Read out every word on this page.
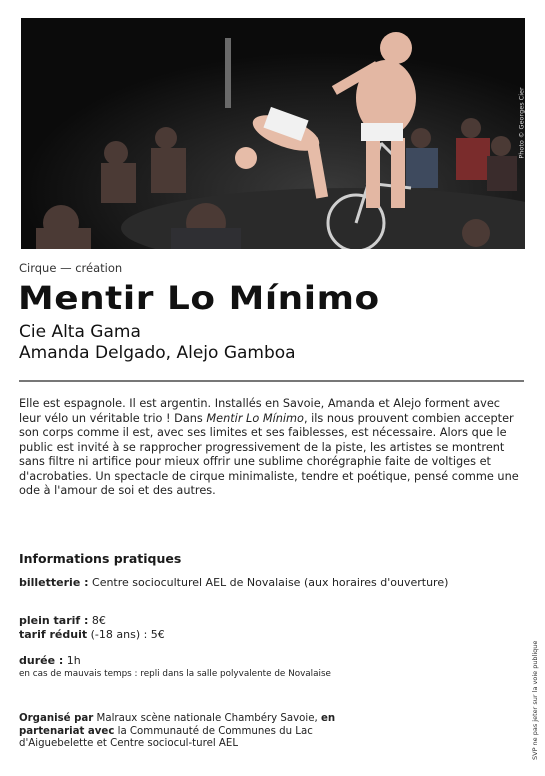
Photo © Georges Cier
Cirque — création
Mentir Lo Mínimo
Cie Alta Gama
Amanda Delgado, Alejo Gamboa

Elle est espagnole. Il est argentin. Installés en Savoie, Amanda et Alejo forment avec leur vélo un véritable trio ! Dans Mentir Lo Mínimo, ils nous prouvent combien accepter son corps comme il est, avec ses limites et ses faiblesses, est nécessaire. Alors que le public est invité à se rapprocher progressivement de la piste, les artistes se montrent sans filtre ni artifice pour mieux offrir une sublime chorégraphie faite de voltiges et d'acrobaties. Un spectacle de cirque minimaliste, tendre et poétique, pensé comme une ode à l'amour de soi et des autres.

Informations pratiques
billetterie : Centre socioculturel AEL de Novalaise (aux horaires d'ouverture)
plein tarif : 8€
tarif réduit (-18 ans) : 5€
durée : 1h
en cas de mauvais temps : repli dans la salle polyvalente de Novalaise
Organisé par Malraux scène nationale Chambéry Savoie, en partenariat avec la Communauté de Communes du Lac d'Aiguebelette et Centre sociocul-turel AEL	SVP ne pas jeter sur la voie publique
